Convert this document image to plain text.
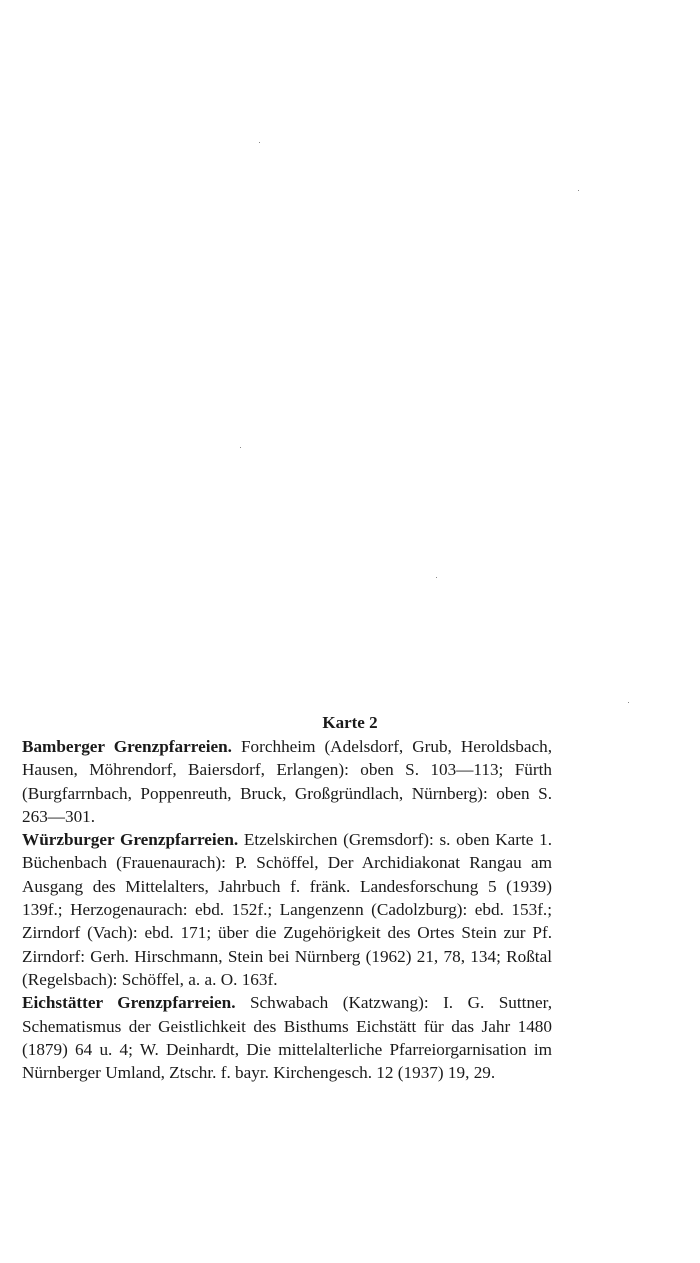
Karte 2

Bamberger Grenzpfarreien. Forchheim (Adelsdorf, Grub, Heroldsbach, Hausen, Möhrendorf, Baiersdorf, Erlangen): oben S. 103—113; Fürth (Burgfarrnbach, Poppenreuth, Bruck, Großgründlach, Nürnberg): oben S. 263—301.

Würzburger Grenzpfarreien. Etzelskirchen (Gremsdorf): s. oben Karte 1. Büchenbach (Frauenaurach): P. Schöffel, Der Archidiakonat Rangau am Ausgang des Mittelalters, Jahrbuch f. fränk. Landesforschung 5 (1939) 139f.; Herzogenaurach: ebd. 152f.; Langenzenn (Cadolzburg): ebd. 153f.; Zirndorf (Vach): ebd. 171; über die Zugehörigkeit des Ortes Stein zur Pf. Zirndorf: Gerh. Hirschmann, Stein bei Nürnberg (1962) 21, 78, 134; Roßtal (Regelsbach): Schöffel, a. a. O. 163f.

Eichstätter Grenzpfarreien. Schwabach (Katzwang): I. G. Suttner, Schematismus der Geistlichkeit des Bisthums Eichstätt für das Jahr 1480 (1879) 64 u. 4; W. Deinhardt, Die mittelalterliche Pfarreiorgarnisation im Nürnberger Umland, Ztschr. f. bayr. Kirchengesch. 12 (1937) 19, 29.
